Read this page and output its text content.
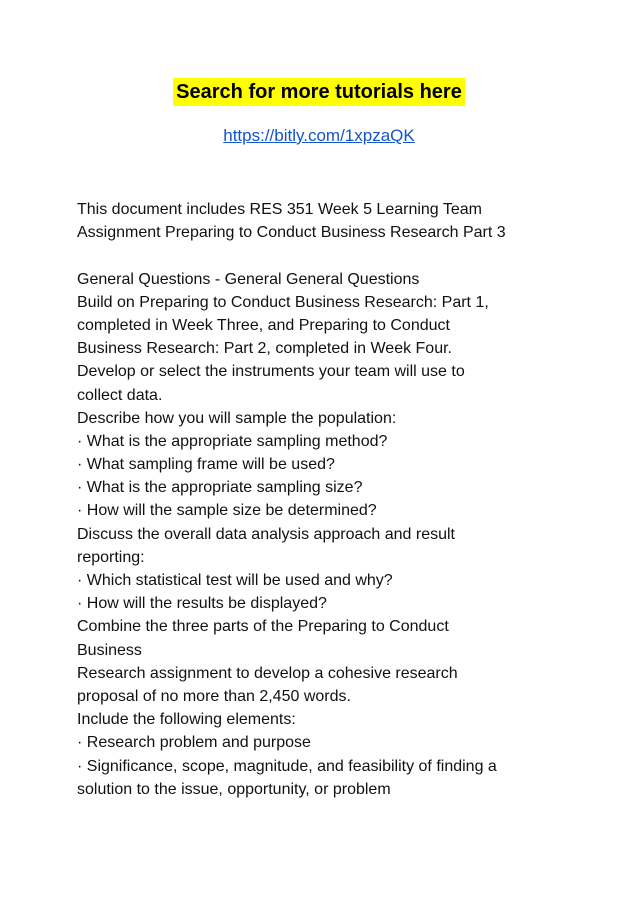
Search for more tutorials here
https://bitly.com/1xpzaQK
This document includes RES 351 Week 5 Learning Team
Assignment Preparing to Conduct Business Research Part 3
General Questions - General General Questions
Build on Preparing to Conduct Business Research: Part 1,
completed in Week Three, and Preparing to Conduct
Business Research: Part 2, completed in Week Four.
Develop or select the instruments your team will use to
collect data.
Describe how you will sample the population:
· What is the appropriate sampling method?
· What sampling frame will be used?
· What is the appropriate sampling size?
· How will the sample size be determined?
Discuss the overall data analysis approach and result
reporting:
· Which statistical test will be used and why?
· How will the results be displayed?
Combine the three parts of the Preparing to Conduct
Business
Research assignment to develop a cohesive research
proposal of no more than 2,450 words.
Include the following elements:
· Research problem and purpose
· Significance, scope, magnitude, and feasibility of finding a
solution to the issue, opportunity, or problem
